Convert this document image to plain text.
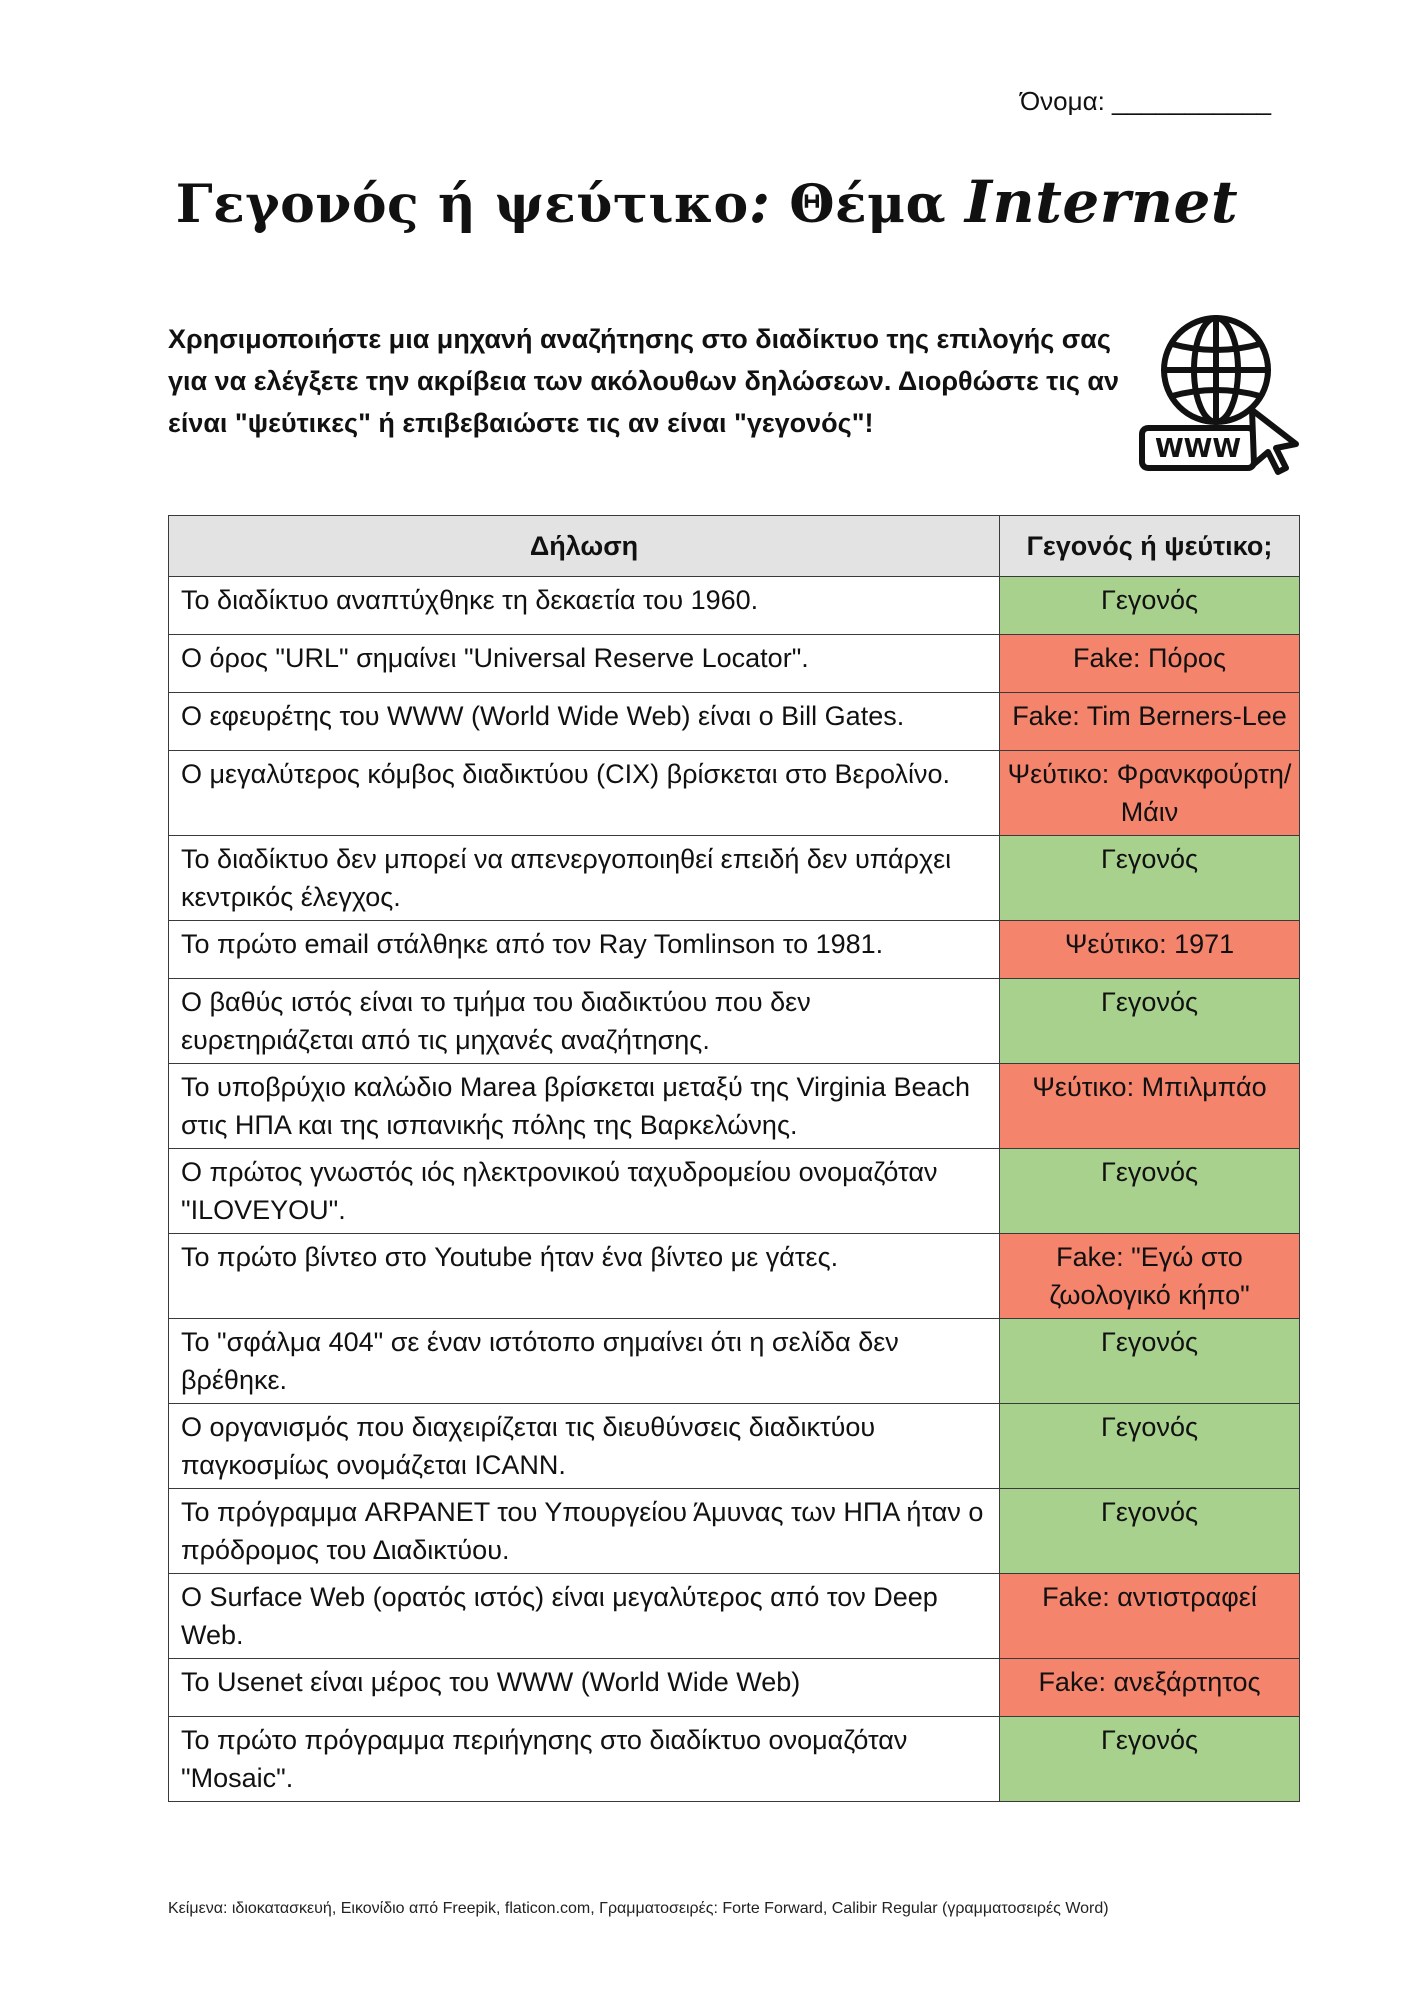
Όνομα: ___________
Γεγονός ή ψεύτικο: Θέμα Internet
Χρησιμοποιήστε μια μηχανή αναζήτησης στο διαδίκτυο της επιλογής σας για να ελέγξετε την ακρίβεια των ακόλουθων δηλώσεων. Διορθώστε τις αν είναι "ψεύτικες" ή επιβεβαιώστε τις αν είναι "γεγονός"!
WWW
Δήλωση	Γεγονός ή ψεύτικο;
Το διαδίκτυο αναπτύχθηκε τη δεκαετία του 1960.	Γεγονός
Ο όρος "URL" σημαίνει "Universal Reserve Locator".	Fake: Πόρος
Ο εφευρέτης του WWW (World Wide Web) είναι ο Bill Gates.	Fake: Tim Berners-Lee
Ο μεγαλύτερος κόμβος διαδικτύου (CIX) βρίσκεται στο Βερολίνο.	Ψεύτικο: Φρανκφούρτη/Μάιν
Το διαδίκτυο δεν μπορεί να απενεργοποιηθεί επειδή δεν υπάρχει κεντρικός έλεγχος.	Γεγονός
Το πρώτο email στάλθηκε από τον Ray Tomlinson το 1981.	Ψεύτικο: 1971
Ο βαθύς ιστός είναι το τμήμα του διαδικτύου που δεν ευρετηριάζεται από τις μηχανές αναζήτησης.	Γεγονός
Το υποβρύχιο καλώδιο Marea βρίσκεται μεταξύ της Virginia Beach στις ΗΠΑ και της ισπανικής πόλης της Βαρκελώνης.	Ψεύτικο: Μπιλμπάο
Ο πρώτος γνωστός ιός ηλεκτρονικού ταχυδρομείου ονομαζόταν "ILOVEYOU".	Γεγονός
Το πρώτο βίντεο στο Youtube ήταν ένα βίντεο με γάτες.	Fake: "Εγώ στο ζωολογικό κήπο"
Το "σφάλμα 404" σε έναν ιστότοπο σημαίνει ότι η σελίδα δεν βρέθηκε.	Γεγονός
Ο οργανισμός που διαχειρίζεται τις διευθύνσεις διαδικτύου παγκοσμίως ονομάζεται ICANN.	Γεγονός
Το πρόγραμμα ARPANET του Υπουργείου Άμυνας των ΗΠΑ ήταν ο πρόδρομος του Διαδικτύου.	Γεγονός
Ο Surface Web (ορατός ιστός) είναι μεγαλύτερος από τον Deep Web.	Fake: αντιστραφεί
Το Usenet είναι μέρος του WWW (World Wide Web)	Fake: ανεξάρτητος
Το πρώτο πρόγραμμα περιήγησης στο διαδίκτυο ονομαζόταν "Mosaic".	Γεγονός
Κείμενα: ιδιοκατασκευή, Εικονίδιο από Freepik, flaticon.com, Γραμματοσειρές: Forte Forward, Calibir Regular (γραμματοσειρές Word)
